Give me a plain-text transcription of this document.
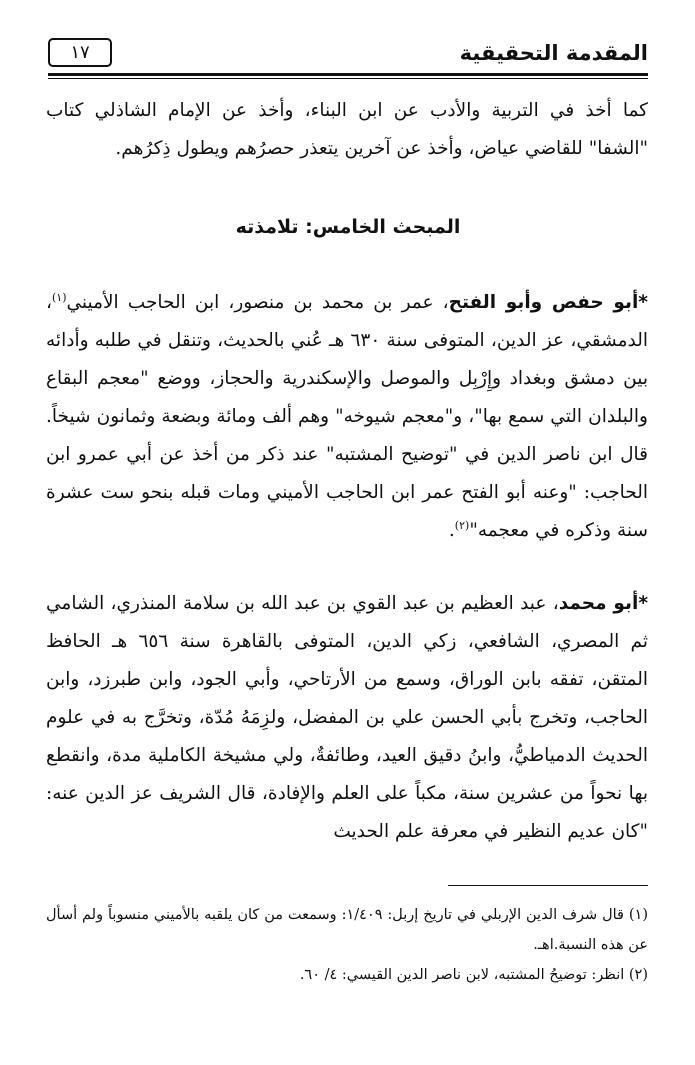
المقدمة التحقيقية
١٧

كما أخذ في التربية والأدب عن ابن البناء، وأخذ عن الإمام الشاذلي كتاب "الشفا" للقاضي عياض، وأخذ عن آخرين يتعذر حصرُهم ويطول ذِكرُهم.

المبحث الخامس: تلامذته

*أبو حفص وأبو الفتح، عمر بن محمد بن منصور، ابن الحاجب الأميني$^{(١)}$، الدمشقي، عز الدين، المتوفى سنة ٦٣٠ هـ عُني بالحديث، وتنقل في طلبه وأدائه بين دمشق وبغداد وإِرْبِل والموصل والإسكندرية والحجاز، ووضع "معجم البقاع والبلدان التي سمع بها"، و"معجم شيوخه" وهم ألف ومائة وبضعة وثمانون شيخاً. قال ابن ناصر الدين في "توضيح المشتبه" عند ذكر من أخذ عن أبي عمرو ابن الحاجب: "وعنه أبو الفتح عمر ابن الحاجب الأميني ومات قبله بنحو ست عشرة سنة وذكره في معجمه"$^{(٢)}$.

*أبو محمد، عبد العظيم بن عبد القوي بن عبد الله بن سلامة المنذري، الشامي ثم المصري، الشافعي، زكي الدين، المتوفى بالقاهرة سنة ٦٥٦ هـ الحافظ المتقن، تفقه بابن الوراق، وسمع من الأرتاحي، وأبي الجود، وابن طبرزد، وابن الحاجب، وتخرج بأبي الحسن علي بن المفضل، ولزِمَهُ مُدّة، وتخرَّج به في علوم الحديث الدمياطيُّ، وابنُ دقيق العيد، وطائفةٌ، ولي مشيخة الكاملية مدة، وانقطع بها نحواً من عشرين سنة، مكباً على العلم والإفادة، قال الشريف عز الدين عنه: "كان عديم النظير في معرفة علم الحديث

(١) قال شرف الدين الإربلي في تاريخ إربل: ١/٤٠٩: وسمعت من كان يلقبه بالأميني منسوباً ولم أسأل عن هذه النسبة.اهـ.

(٢) انظر: توضيحُ المشتبه، لابن ناصر الدين القيسي: ٤/ ٦٠.
